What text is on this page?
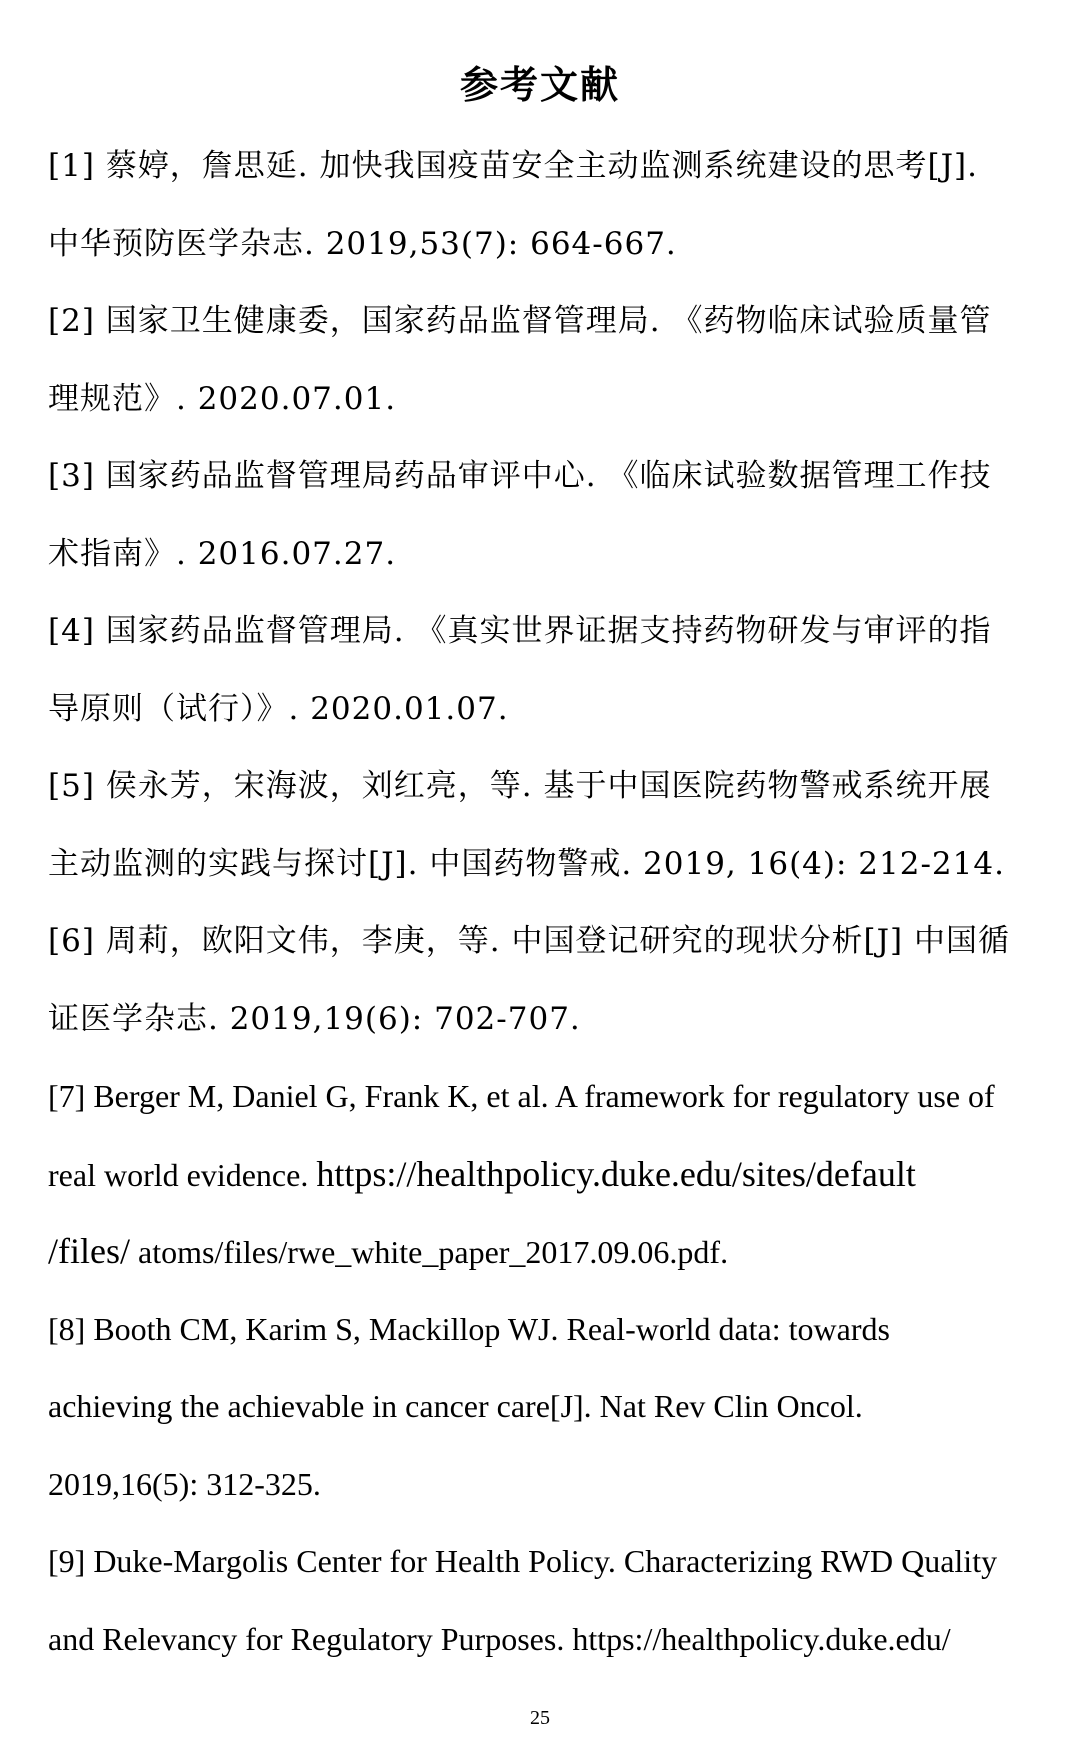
参考文献
[1] 蔡婷，詹思延. 加快我国疫苗安全主动监测系统建设的思考[J].
中华预防医学杂志. 2019,53(7): 664-667.
[2] 国家卫生健康委，国家药品监督管理局. 《药物临床试验质量管
理规范》. 2020.07.01.
[3] 国家药品监督管理局药品审评中心. 《临床试验数据管理工作技
术指南》. 2016.07.27.
[4] 国家药品监督管理局. 《真实世界证据支持药物研发与审评的指
导原则（试行）》. 2020.01.07.
[5] 侯永芳，宋海波，刘红亮，等. 基于中国医院药物警戒系统开展
主动监测的实践与探讨[J]. 中国药物警戒. 2019, 16(4): 212-214.
[6] 周莉，欧阳文伟，李庚，等. 中国登记研究的现状分析[J] 中国循
证医学杂志. 2019,19(6): 702-707.
[7] Berger M, Daniel G, Frank K, et al. A framework for regulatory use of
real world evidence. https://healthpolicy.duke.edu/sites/default
/files/ atoms/files/rwe_white_paper_2017.09.06.pdf.
[8] Booth CM, Karim S, Mackillop WJ. Real-world data: towards
achieving the achievable in cancer care[J]. Nat Rev Clin Oncol.
2019,16(5): 312-325.
[9] Duke-Margolis Center for Health Policy. Characterizing RWD Quality
and Relevancy for Regulatory Purposes. https://healthpolicy.duke.edu/
25
